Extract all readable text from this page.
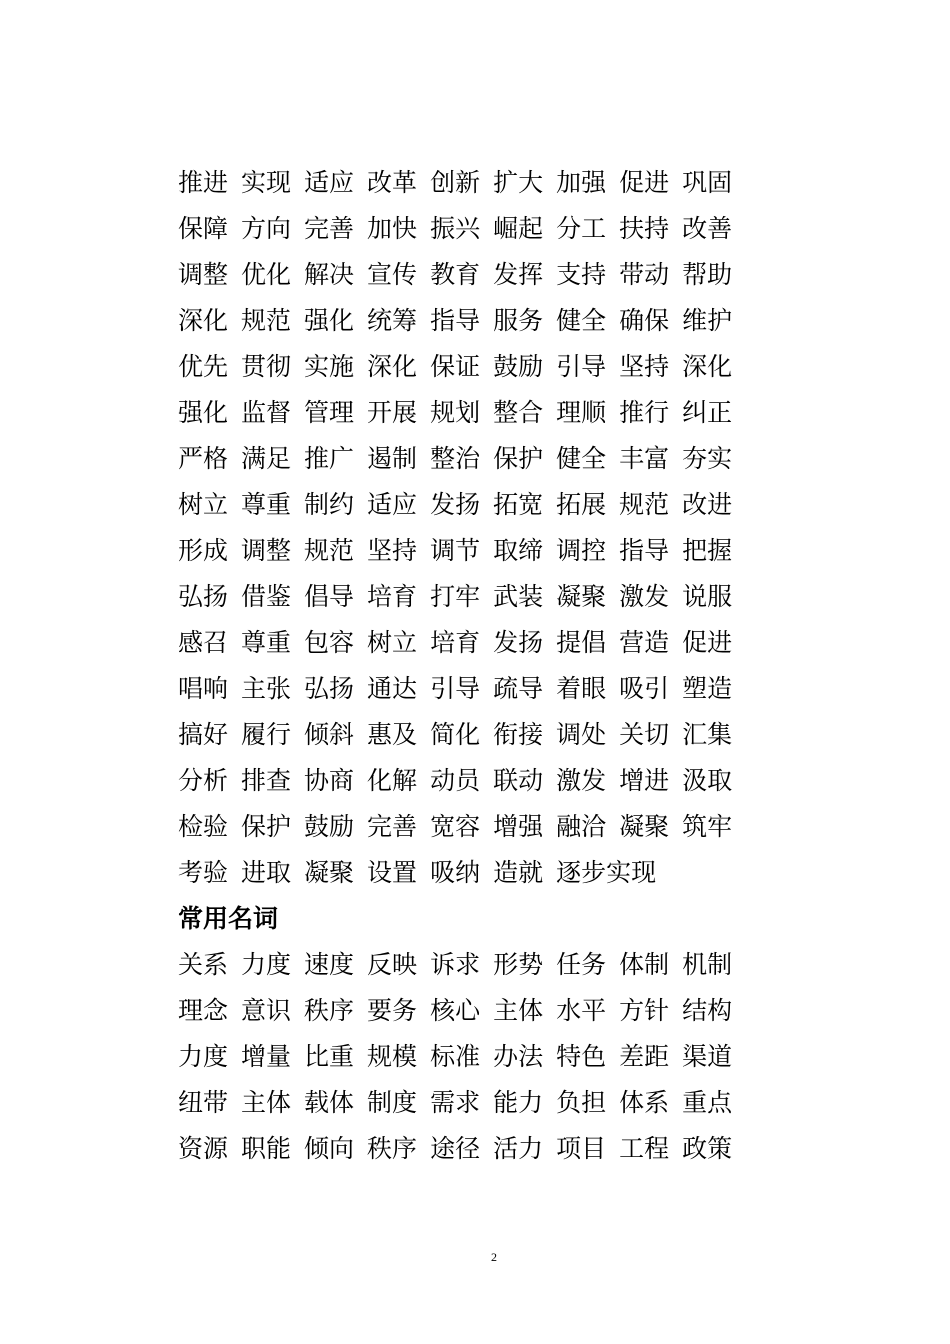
推进 实现 适应 改革 创新 扩大 加强 促进 巩固
保障 方向 完善 加快 振兴 崛起 分工 扶持 改善
调整 优化 解决 宣传 教育 发挥 支持 带动 帮助
深化 规范 强化 统筹 指导 服务 健全 确保 维护
优先 贯彻 实施 深化 保证 鼓励 引导 坚持 深化
强化 监督 管理 开展 规划 整合 理顺 推行 纠正
严格 满足 推广 遏制 整治 保护 健全 丰富 夯实
树立 尊重 制约 适应 发扬 拓宽 拓展 规范 改进
形成 调整 规范 坚持 调节 取缔 调控 指导 把握
弘扬 借鉴 倡导 培育 打牢 武装 凝聚 激发 说服
感召 尊重 包容 树立 培育 发扬 提倡 营造 促进
唱响 主张 弘扬 通达 引导 疏导 着眼 吸引 塑造
搞好 履行 倾斜 惠及 简化 衔接 调处 关切 汇集
分析 排查 协商 化解 动员 联动 激发 增进 汲取
检验 保护 鼓励 完善 宽容 增强 融洽 凝聚 筑牢
考验 进取 凝聚 设置 吸纳 造就 逐步实现
常用名词
关系 力度 速度 反映 诉求 形势 任务 体制 机制
理念 意识 秩序 要务 核心 主体 水平 方针 结构
力度 增量 比重 规模 标准 办法 特色 差距 渠道
纽带 主体 载体 制度 需求 能力 负担 体系 重点
资源 职能 倾向 秩序 途径 活力 项目 工程 政策
2
